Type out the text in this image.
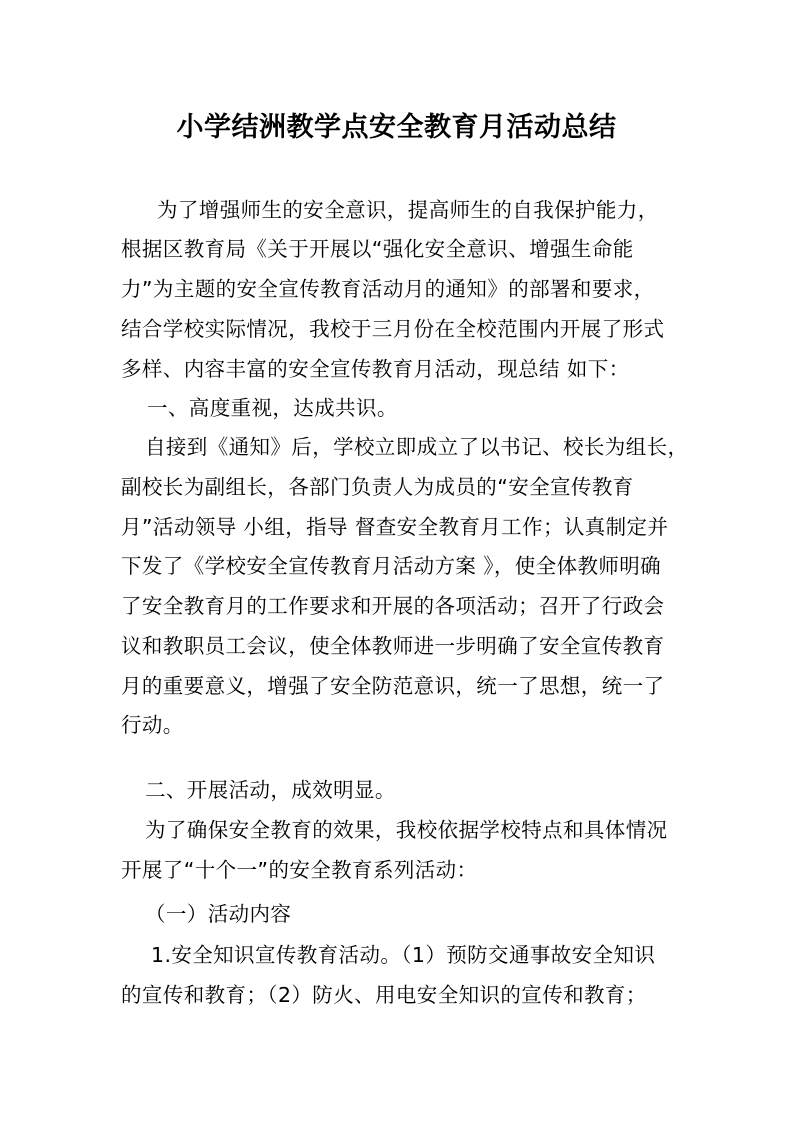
小学结洲教学点安全教育月活动总结
为了增强师生的安全意识，提高师生的自我保护能力，
根据区教育局《关于开展以“强化安全意识、增强生命能
力”为主题的安全宣传教育活动月的通知》的部署和要求，
结合学校实际情况，我校于三月份在全校范围内开展了形式
多样、内容丰富的安全宣传教育月活动，现总结 如下：
一、高度重视，达成共识。
自接到《通知》后，学校立即成立了以书记、校长为组长，
副校长为副组长，各部门负责人为成员的“安全宣传教育
月”活动领导 小组，指导 督查安全教育月工作；认真制定并
下发了《学校安全宣传教育月活动方案 》，使全体教师明确
了安全教育月的工作要求和开展的各项活动；召开了行政会
议和教职员工会议，使全体教师进一步明确了安全宣传教育
月的重要意义，增强了安全防范意识，统一了思想，统一了
行动。
二、开展活动，成效明显。
为了确保安全教育的效果，我校依据学校特点和具体情况
开展了“十个一”的安全教育系列活动：
（一）活动内容
1.安全知识宣传教育活动。（1）预防交通事故安全知识
的宣传和教育；（2）防火、用电安全知识的宣传和教育；
